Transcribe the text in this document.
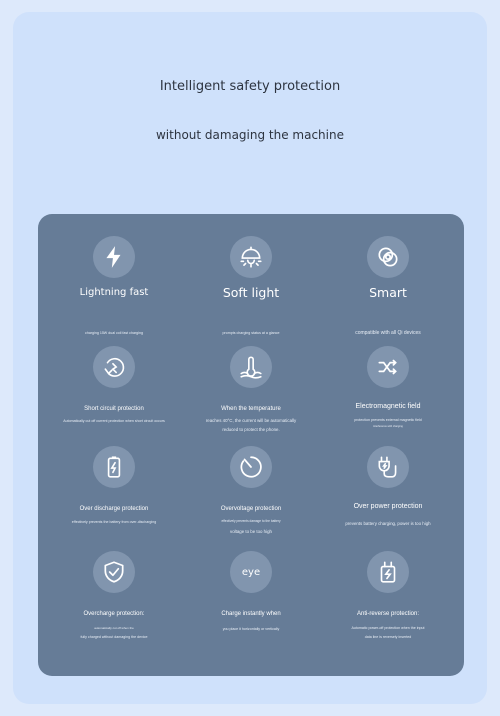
Intelligent safety protection
without damaging the machine
Lightning fast
charging 15W dual coil fast charging
Soft light
prompts charging status at a glance
Smart
compatible with all Qi devices
Short circuit protection
Automatically cut off current protection when short circuit occurs
When the temperature
reaches 40°C, the current will be automatically
reduced to protect the phone.
Electromagnetic field
protection prevents external magnetic field
interference with charging
Over discharge protection
effectively prevents the battery from over-discharging
Overvoltage protection
effectively prevents damage to the battery
voltage to be too high
Over power protection
prevents battery charging, power is too high
Overcharge protection:
automatically cut off when the
fully charged without damaging the device
eye
Charge instantly when
you place it horizontally or vertically
Anti-reverse protection:
Automatic power-off protection when the input
data line is reversely inserted
